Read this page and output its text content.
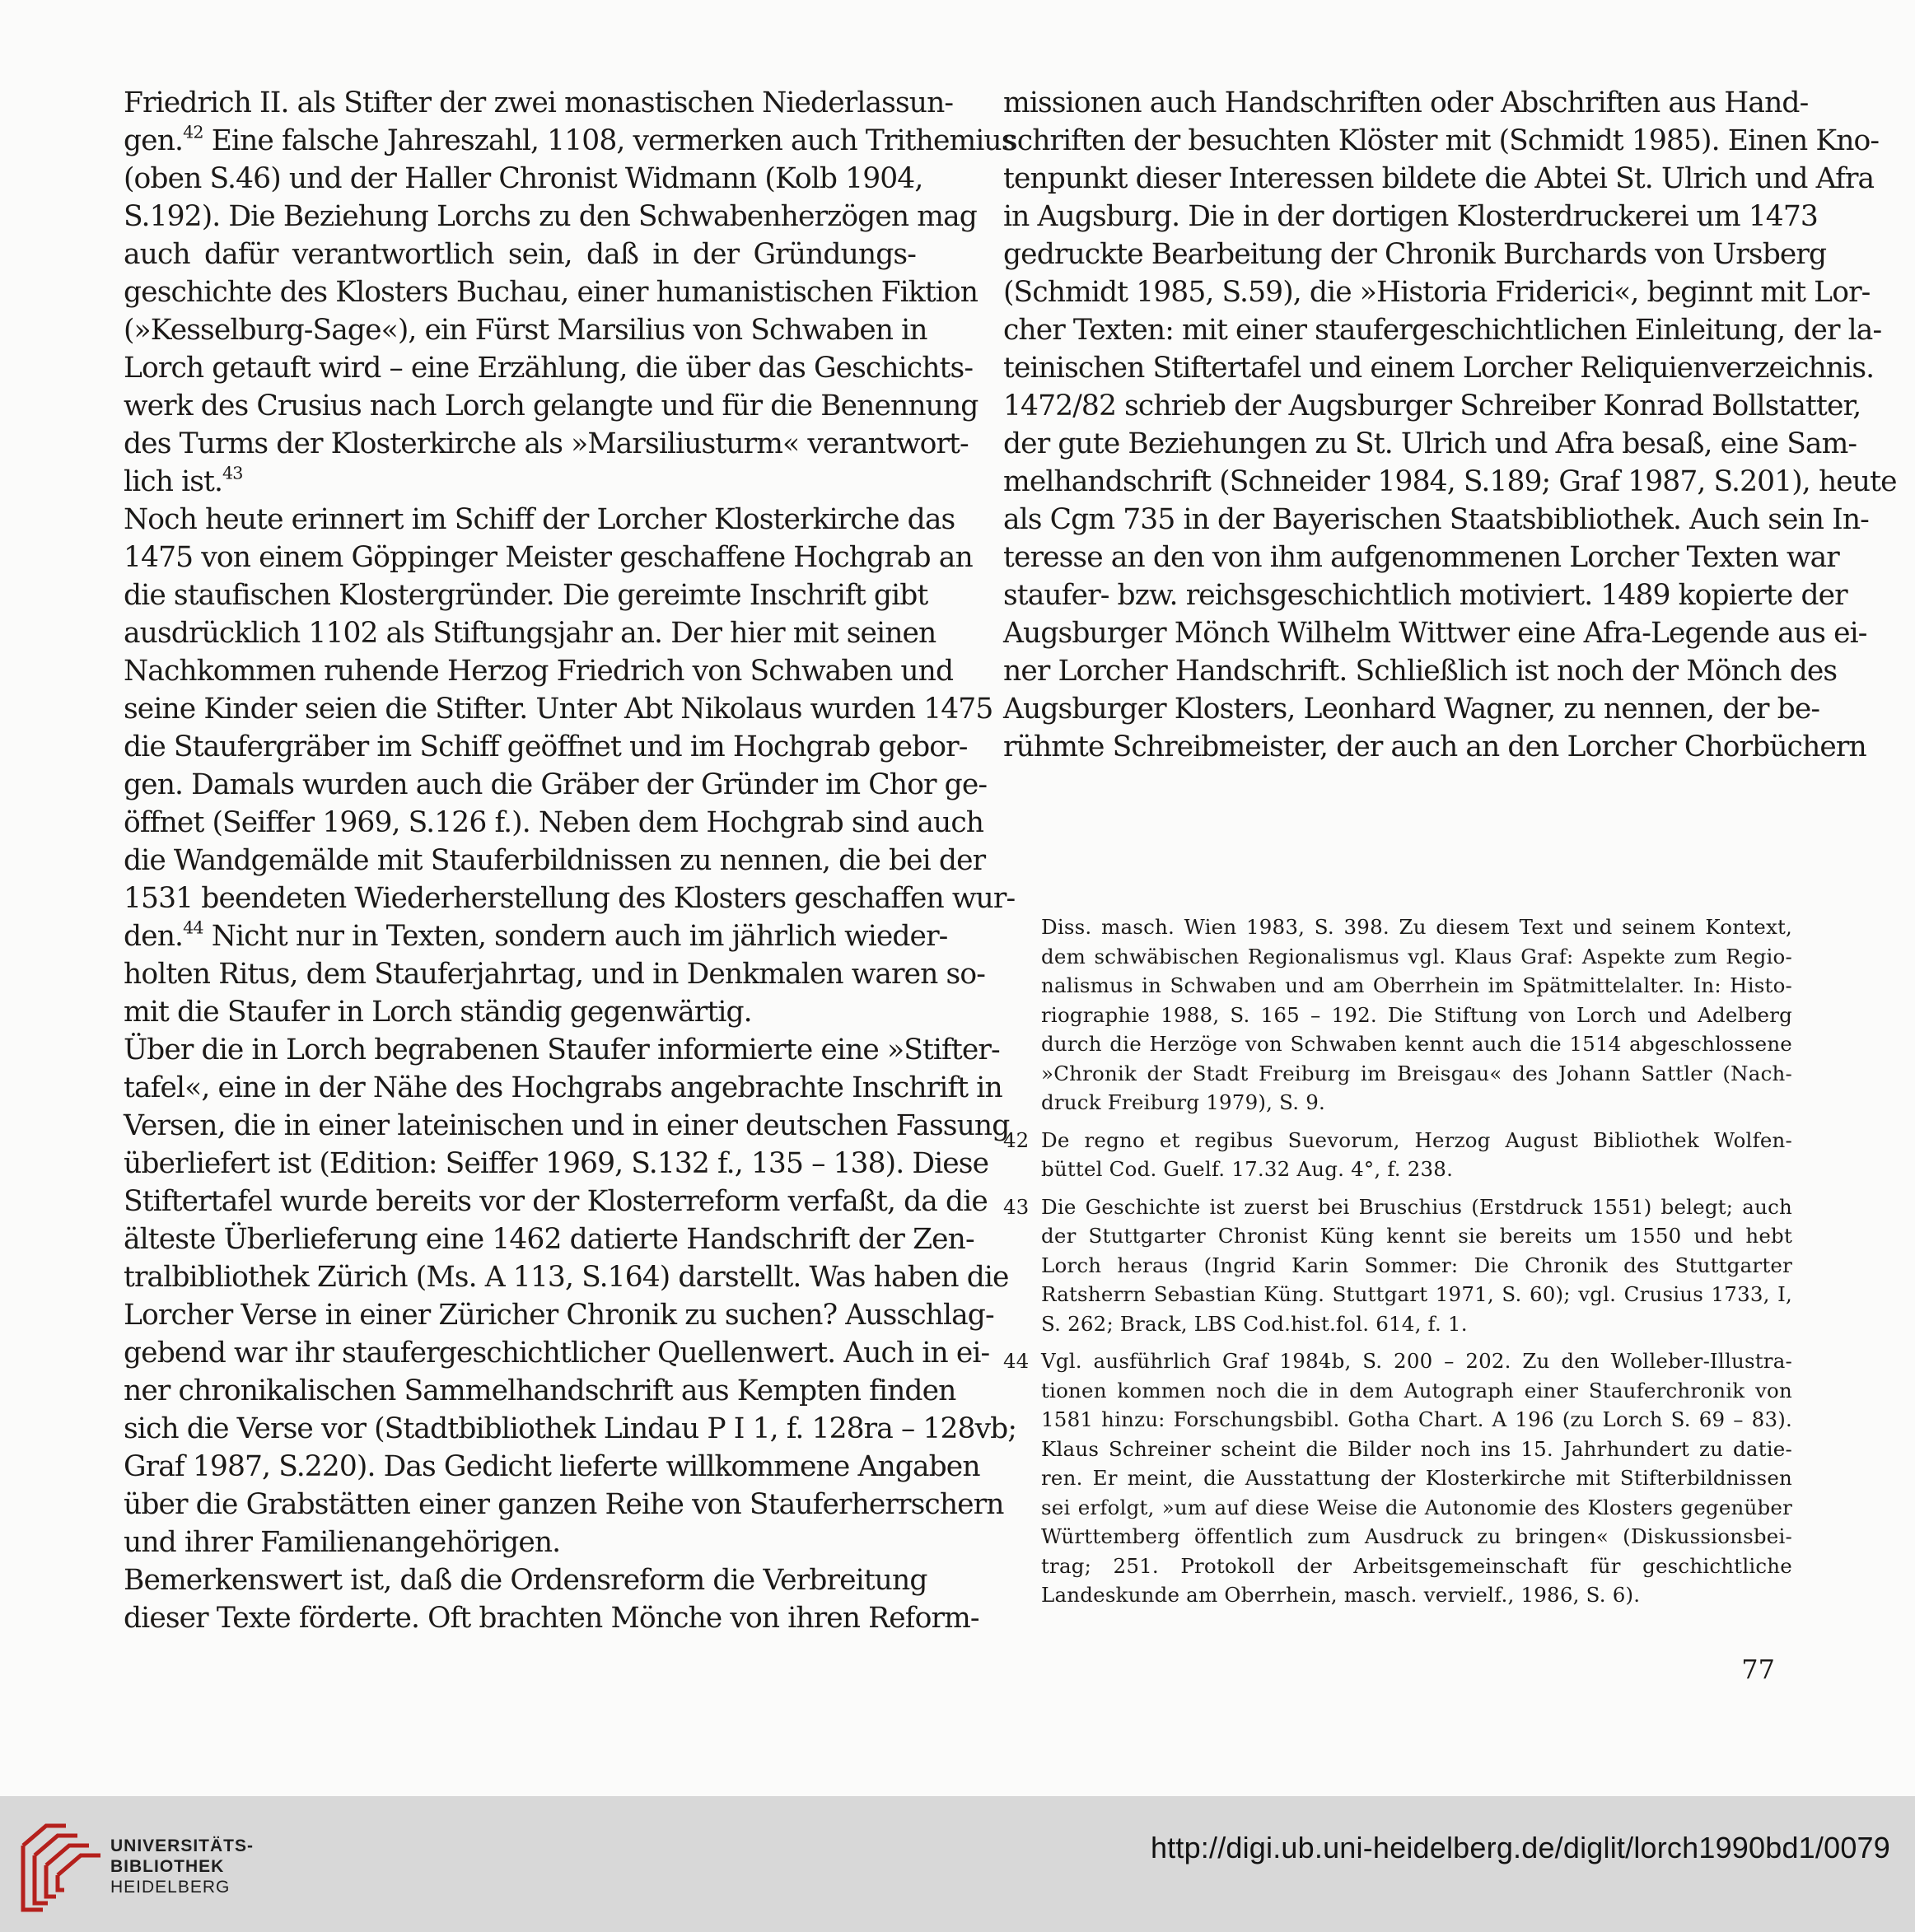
Friedrich II. als Stifter der zwei monastischen Niederlassun-
gen.$^{42}$ Eine falsche Jahreszahl, 1108, vermerken auch Trithemius
(oben S.46) und der Haller Chronist Widmann (Kolb 1904,
S.192). Die Beziehung Lorchs zu den Schwabenherzögen mag
auch dafür verantwortlich sein, daß in der Gründungs-
geschichte des Klosters Buchau, einer humanistischen Fiktion
(»Kesselburg-Sage«), ein Fürst Marsilius von Schwaben in
Lorch getauft wird – eine Erzählung, die über das Geschichts-
werk des Crusius nach Lorch gelangte und für die Benennung
des Turms der Klosterkirche als »Marsiliusturm« verantwort-
lich ist.$^{43}$
Noch heute erinnert im Schiff der Lorcher Klosterkirche das
1475 von einem Göppinger Meister geschaffene Hochgrab an
die staufischen Klostergründer. Die gereimte Inschrift gibt
ausdrücklich 1102 als Stiftungsjahr an. Der hier mit seinen
Nachkommen ruhende Herzog Friedrich von Schwaben und
seine Kinder seien die Stifter. Unter Abt Nikolaus wurden 1475
die Staufergräber im Schiff geöffnet und im Hochgrab gebor-
gen. Damals wurden auch die Gräber der Gründer im Chor ge-
öffnet (Seiffer 1969, S.126 f.). Neben dem Hochgrab sind auch
die Wandgemälde mit Stauferbildnissen zu nennen, die bei der
1531 beendeten Wiederherstellung des Klosters geschaffen wur-
den.$^{44}$ Nicht nur in Texten, sondern auch im jährlich wieder-
holten Ritus, dem Stauferjahrtag, und in Denkmalen waren so-
mit die Staufer in Lorch ständig gegenwärtig.
Über die in Lorch begrabenen Staufer informierte eine »Stifter-
tafel«, eine in der Nähe des Hochgrabs angebrachte Inschrift in
Versen, die in einer lateinischen und in einer deutschen Fassung
überliefert ist (Edition: Seiffer 1969, S.132 f., 135 – 138). Diese
Stiftertafel wurde bereits vor der Klosterreform verfaßt, da die
älteste Überlieferung eine 1462 datierte Handschrift der Zen-
tralbibliothek Zürich (Ms. A 113, S.164) darstellt. Was haben die
Lorcher Verse in einer Züricher Chronik zu suchen? Ausschlag-
gebend war ihr staufergeschichtlicher Quellenwert. Auch in ei-
ner chronikalischen Sammelhandschrift aus Kempten finden
sich die Verse vor (Stadtbibliothek Lindau P I 1, f. 128ra – 128vb;
Graf 1987, S.220). Das Gedicht lieferte willkommene Angaben
über die Grabstätten einer ganzen Reihe von Stauferherrschern
und ihrer Familienangehörigen.
Bemerkenswert ist, daß die Ordensreform die Verbreitung
dieser Texte förderte. Oft brachten Mönche von ihren Reform-
missionen auch Handschriften oder Abschriften aus Hand-
schriften der besuchten Klöster mit (Schmidt 1985). Einen Kno-
tenpunkt dieser Interessen bildete die Abtei St. Ulrich und Afra
in Augsburg. Die in der dortigen Klosterdruckerei um 1473
gedruckte Bearbeitung der Chronik Burchards von Ursberg
(Schmidt 1985, S.59), die »Historia Friderici«, beginnt mit Lor-
cher Texten: mit einer staufergeschichtlichen Einleitung, der la-
teinischen Stiftertafel und einem Lorcher Reliquienverzeichnis.
1472/82 schrieb der Augsburger Schreiber Konrad Bollstatter,
der gute Beziehungen zu St. Ulrich und Afra besaß, eine Sam-
melhandschrift (Schneider 1984, S.189; Graf 1987, S.201), heute
als Cgm 735 in der Bayerischen Staatsbibliothek. Auch sein In-
teresse an den von ihm aufgenommenen Lorcher Texten war
staufer- bzw. reichsgeschichtlich motiviert. 1489 kopierte der
Augsburger Mönch Wilhelm Wittwer eine Afra-Legende aus ei-
ner Lorcher Handschrift. Schließlich ist noch der Mönch des
Augsburger Klosters, Leonhard Wagner, zu nennen, der be-
rühmte Schreibmeister, der auch an den Lorcher Chorbüchern
Diss. masch. Wien 1983, S. 398. Zu diesem Text und seinem Kontext,
dem schwäbischen Regionalismus vgl. Klaus Graf: Aspekte zum Regio-
nalismus in Schwaben und am Oberrhein im Spätmittelalter. In: Histo-
riographie 1988, S. 165 – 192. Die Stiftung von Lorch und Adelberg
durch die Herzöge von Schwaben kennt auch die 1514 abgeschlossene
»Chronik der Stadt Freiburg im Breisgau« des Johann Sattler (Nach-
druck Freiburg 1979), S. 9.
42 De regno et regibus Suevorum, Herzog August Bibliothek Wolfen-
büttel Cod. Guelf. 17.32 Aug. 4°, f. 238.
43 Die Geschichte ist zuerst bei Bruschius (Erstdruck 1551) belegt; auch
der Stuttgarter Chronist Küng kennt sie bereits um 1550 und hebt
Lorch heraus (Ingrid Karin Sommer: Die Chronik des Stuttgarter
Ratsherrn Sebastian Küng. Stuttgart 1971, S. 60); vgl. Crusius 1733, I,
S. 262; Brack, LBS Cod.hist.fol. 614, f. 1.
44 Vgl. ausführlich Graf 1984b, S. 200 – 202. Zu den Wolleber-Illustra-
tionen kommen noch die in dem Autograph einer Stauferchronik von
1581 hinzu: Forschungsbibl. Gotha Chart. A 196 (zu Lorch S. 69 – 83).
Klaus Schreiner scheint die Bilder noch ins 15. Jahrhundert zu datie-
ren. Er meint, die Ausstattung der Klosterkirche mit Stifterbildnissen
sei erfolgt, »um auf diese Weise die Autonomie des Klosters gegenüber
Württemberg öffentlich zum Ausdruck zu bringen« (Diskussionsbei-
trag; 251. Protokoll der Arbeitsgemeinschaft für geschichtliche
Landeskunde am Oberrhein, masch. vervielf., 1986, S. 6).
77
UNIVERSITÄTS-
BIBLIOTHEK
HEIDELBERG
http://digi.ub.uni-heidelberg.de/diglit/lorch1990bd1/0079
